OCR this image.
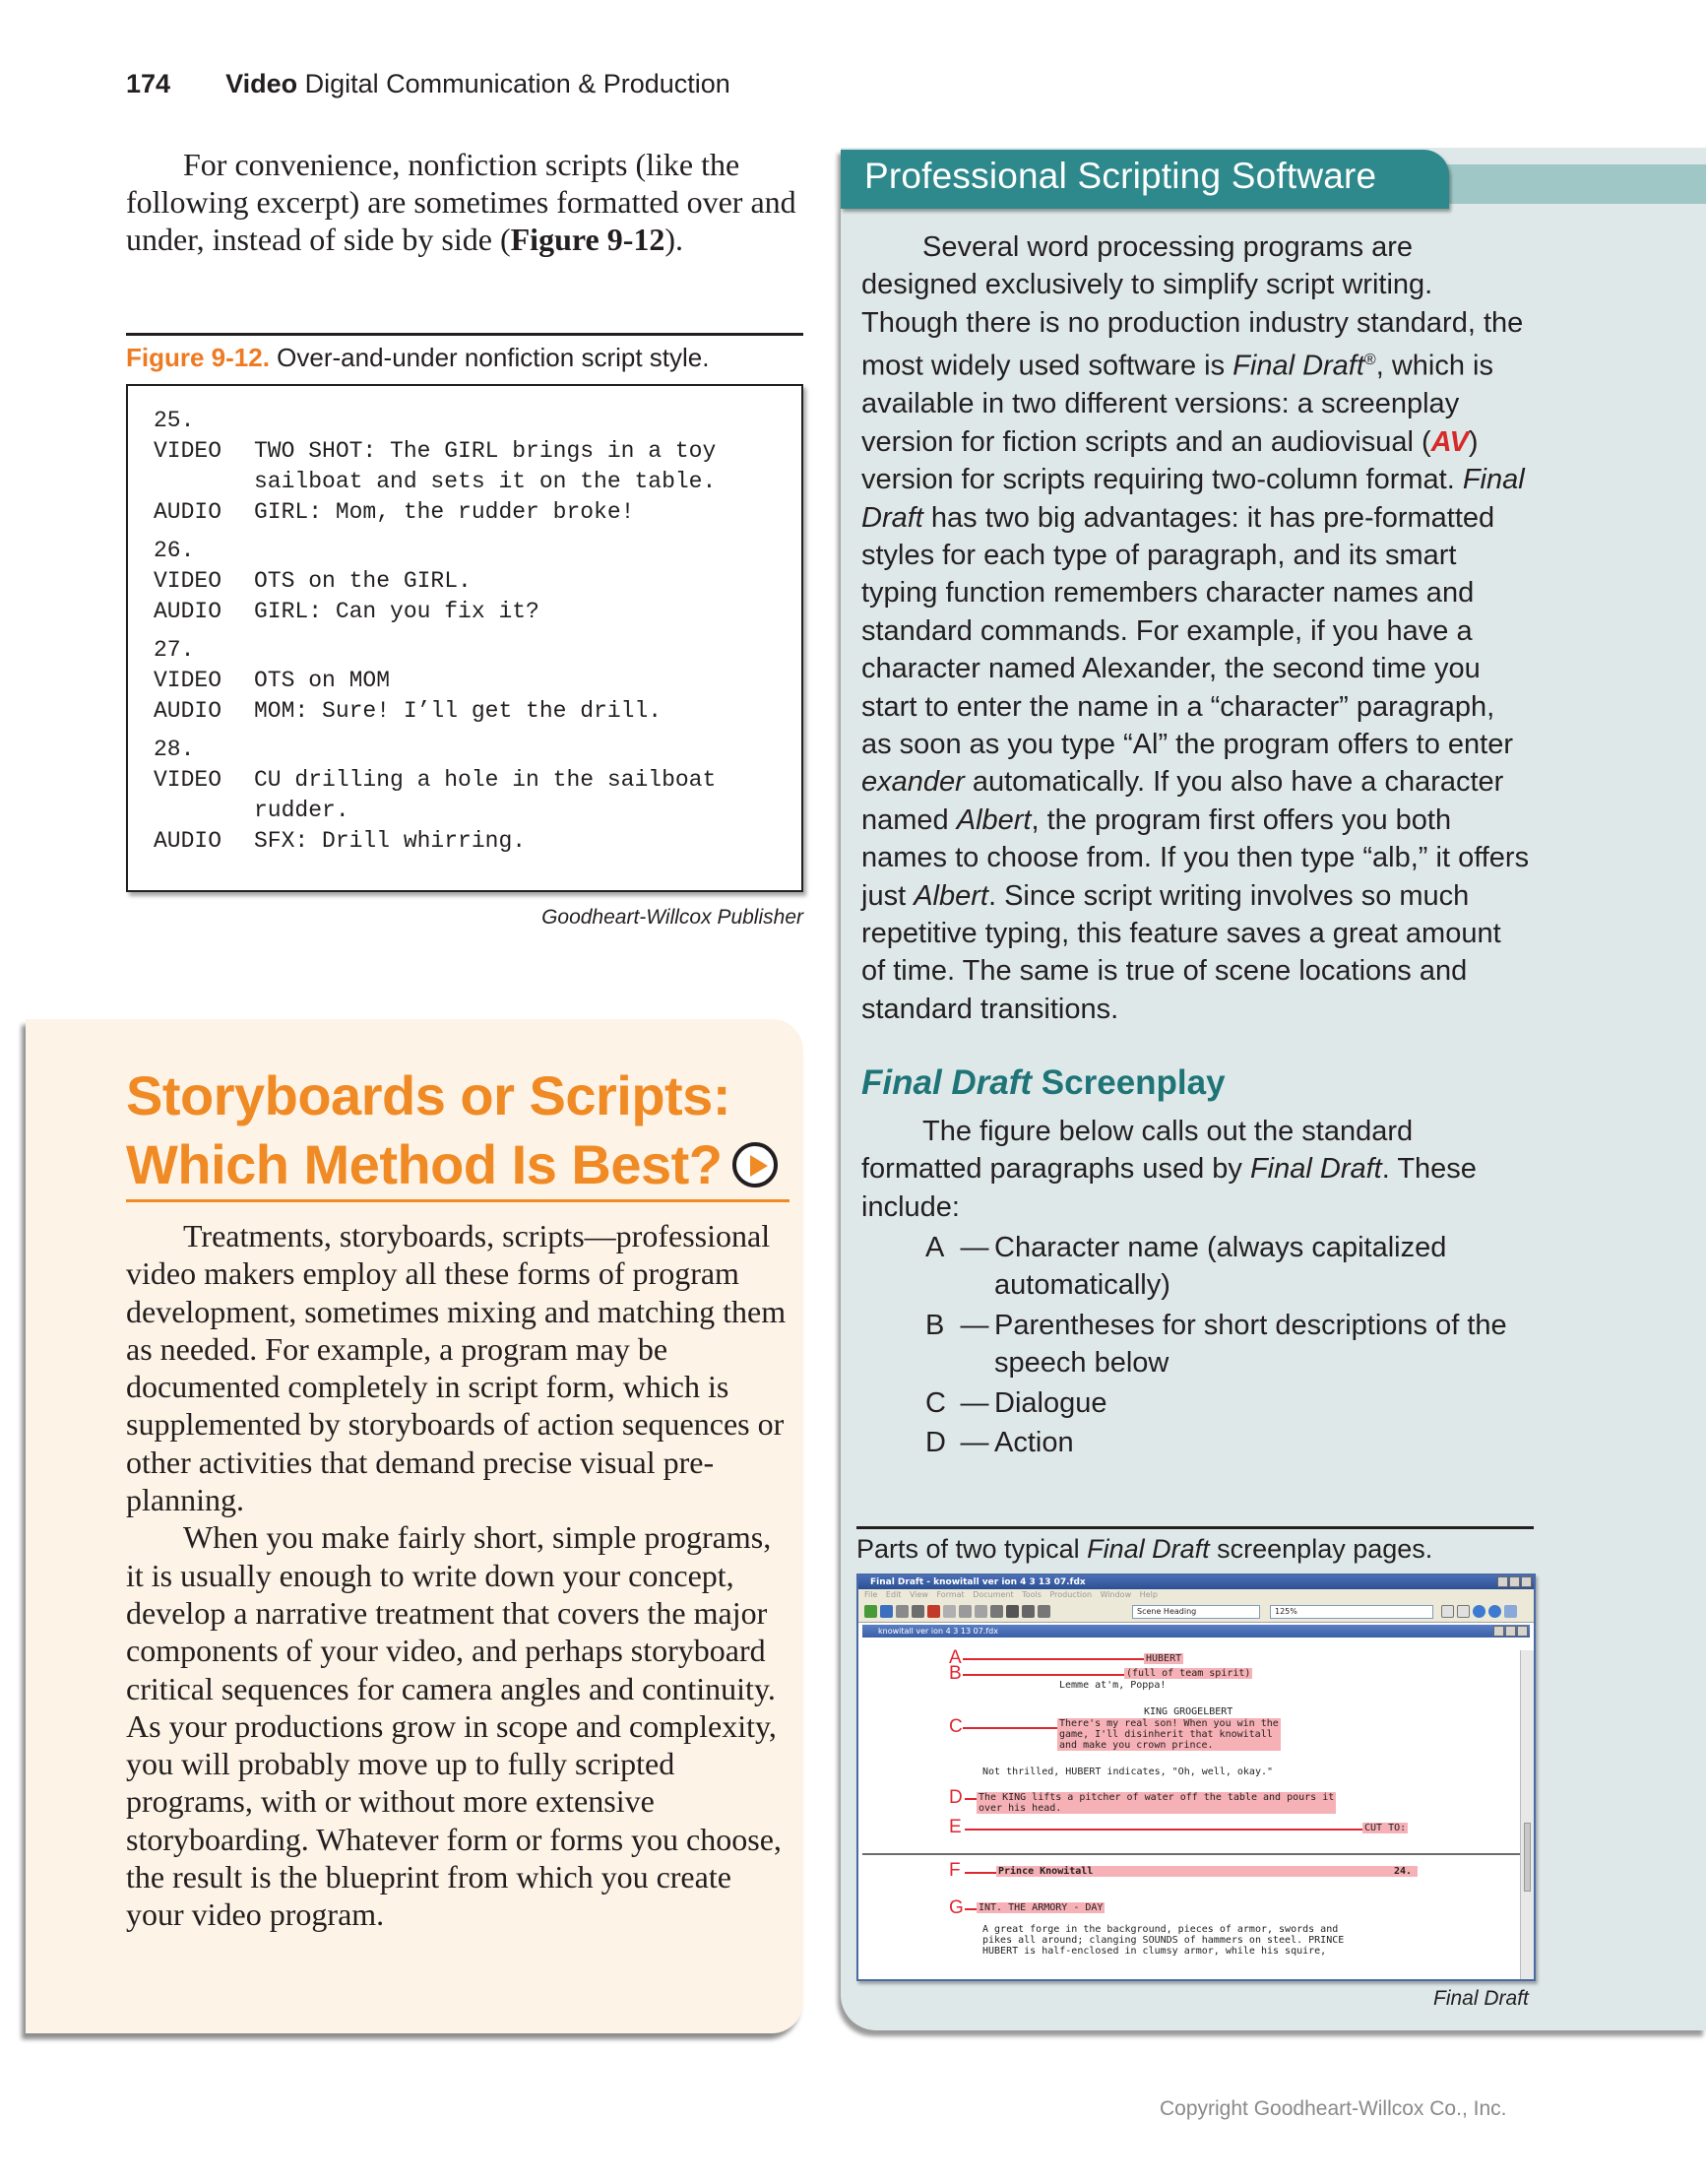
174 Video Digital Communication & Production

For convenience, nonfiction scripts (like the following excerpt) are sometimes formatted over and under, instead of side by side (Figure 9-12).

Figure 9-12. Over-and-under nonfiction script style.
25.
VIDEO	TWO SHOT: The GIRL brings in a toy
sailboat and sets it on the table.
AUDIO	GIRL: Mom, the rudder broke!
26.
VIDEO	OTS on the GIRL.
AUDIO	GIRL: Can you fix it?
27.
VIDEO	OTS on MOM
AUDIO	MOM: Sure! I’ll get the drill.
28.
VIDEO	CU drilling a hole in the sailboat
rudder.
AUDIO	SFX: Drill whirring.
Goodheart-Willcox Publisher
Storyboards or Scripts:
Which Method Is Best?

Treatments, storyboards, scripts—professional video makers employ all these forms of program development, sometimes mixing and matching them as needed. For example, a program may be documented completely in script form, which is supplemented by storyboards of action sequences or other activities that demand precise visual pre-planning.

When you make fairly short, simple programs, it is usually enough to write down your concept, develop a narrative treatment that covers the major components of your video, and perhaps storyboard critical sequences for camera angles and continuity. As your productions grow in scope and complexity, you will probably move up to fully scripted programs, with or without more extensive storyboarding. Whatever form or forms you choose, the result is the blueprint from which you create your video program.

Professional Scripting Software

Several word processing programs are designed exclusively to simplify script writing. Though there is no production industry standard, the most widely used software is Final Draft®, which is available in two different versions: a screenplay version for fiction scripts and an audiovisual (AV) version for scripts requiring two-column format. Final Draft has two big advantages: it has pre-formatted styles for each type of paragraph, and its smart typing function remembers character names and standard commands. For example, if you have a character named Alexander, the second time you start to enter the name in a “character” paragraph, as soon as you type “Al” the program offers to enter exander automatically. If you also have a character named Albert, the program first offers you both names to choose from. If you then type “alb,” it offers just Albert. Since script writing involves so much repetitive typing, this feature saves a great amount of time. The same is true of scene locations and standard transitions.

Final Draft Screenplay

The figure below calls out the standard formatted paragraphs used by Final Draft. These include:

A — Character name (always capitalized automatically)
B — Parentheses for short descriptions of the speech below
C — Dialogue
D — Action
Parts of two typical Final Draft screenplay pages.
Final Draft - knowitall ver ion 4 3 13 07.fdx
File Edit View Format Document Tools Production Window Help
Scene Heading	125%
knowitall ver ion 4 3 13 07.fdx
A	HUBERT
B	(full of team spirit)
Lemme at'm, Poppa!
KING GROGELBERT
C	There's my real son! When you win the
game, I'll disinherit that knowitall
and make you crown prince.
Not thrilled, HUBERT indicates, "Oh, well, okay."
D The KING lifts a pitcher of water off the table and pours it
over his head.
E	CUT TO:
F	Prince Knowitall	24.
G INT. THE ARMORY - DAY
A great forge in the background, pieces of armor, swords and
pikes all around; clanging SOUNDS of hammers on steel. PRINCE
HUBERT is half-enclosed in clumsy armor, while his squire,
Final Draft
Copyright Goodheart-Willcox Co., Inc.
